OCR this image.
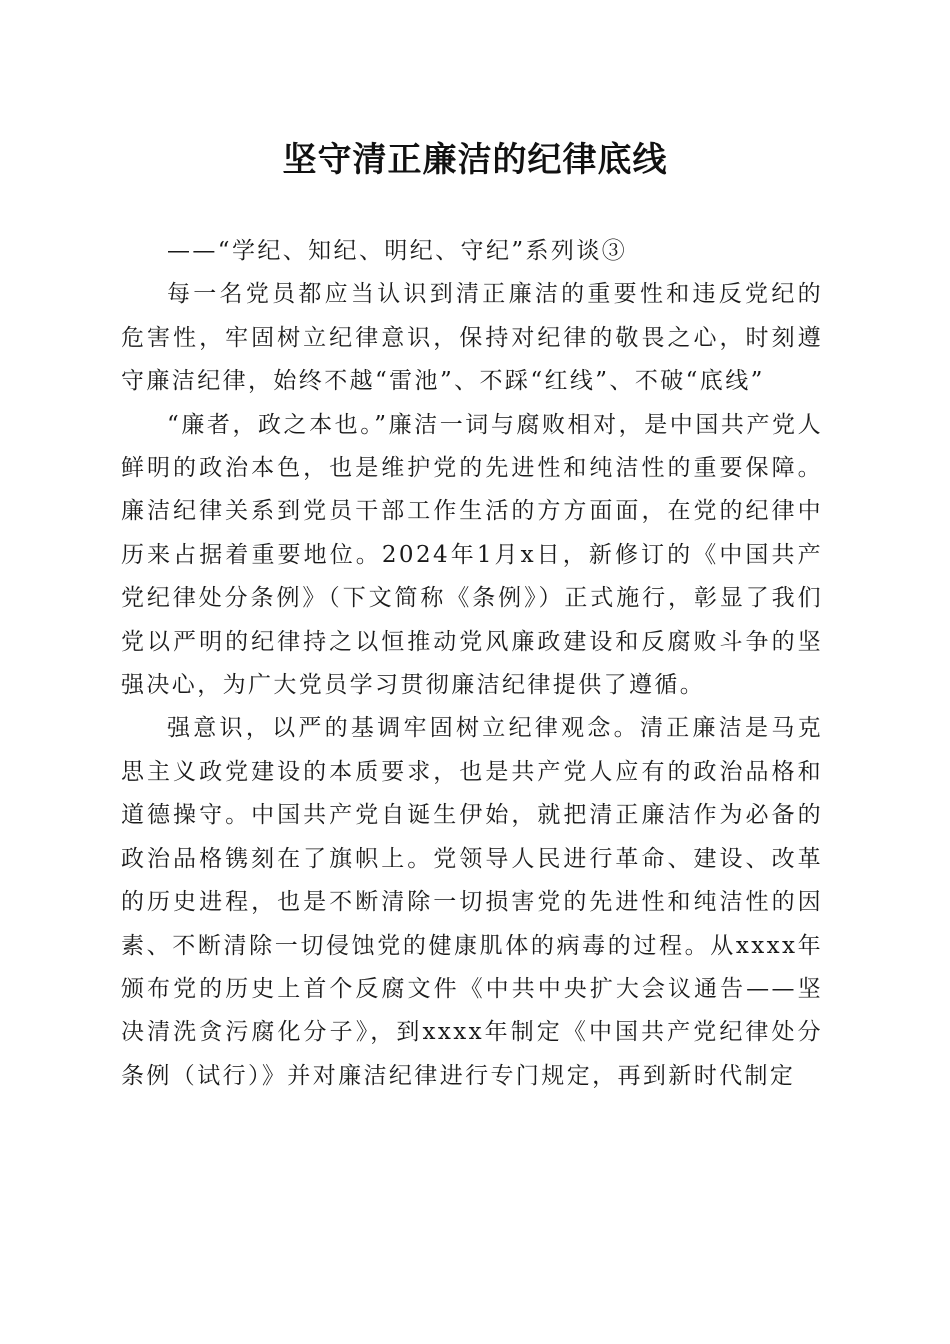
坚守清正廉洁的纪律底线

——“学纪、知纪、明纪、守纪”系列谈③

每一名党员都应当认识到清正廉洁的重要性和违反党纪的危害性，牢固树立纪律意识，保持对纪律的敬畏之心，时刻遵守廉洁纪律，始终不越“雷池”、不踩“红线”、不破“底线”

“廉者，政之本也。”廉洁一词与腐败相对，是中国共产党人鲜明的政治本色，也是维护党的先进性和纯洁性的重要保障。廉洁纪律关系到党员干部工作生活的方方面面，在党的纪律中历来占据着重要地位。2024年1月x日，新修订的《中国共产党纪律处分条例》（下文简称《条例》）正式施行，彰显了我们党以严明的纪律持之以恒推动党风廉政建设和反腐败斗争的坚强决心，为广大党员学习贯彻廉洁纪律提供了遵循。

强意识，以严的基调牢固树立纪律观念。清正廉洁是马克思主义政党建设的本质要求，也是共产党人应有的政治品格和道德操守。中国共产党自诞生伊始，就把清正廉洁作为必备的政治品格镌刻在了旗帜上。党领导人民进行革命、建设、改革的历史进程，也是不断清除一切损害党的先进性和纯洁性的因素、不断清除一切侵蚀党的健康肌体的病毒的过程。从xxxx年颁布党的历史上首个反腐文件《中共中央扩大会议通告——坚决清洗贪污腐化分子》，到xxxx年制定《中国共产党纪律处分条例（试行）》并对廉洁纪律进行专门规定，再到新时代制定
